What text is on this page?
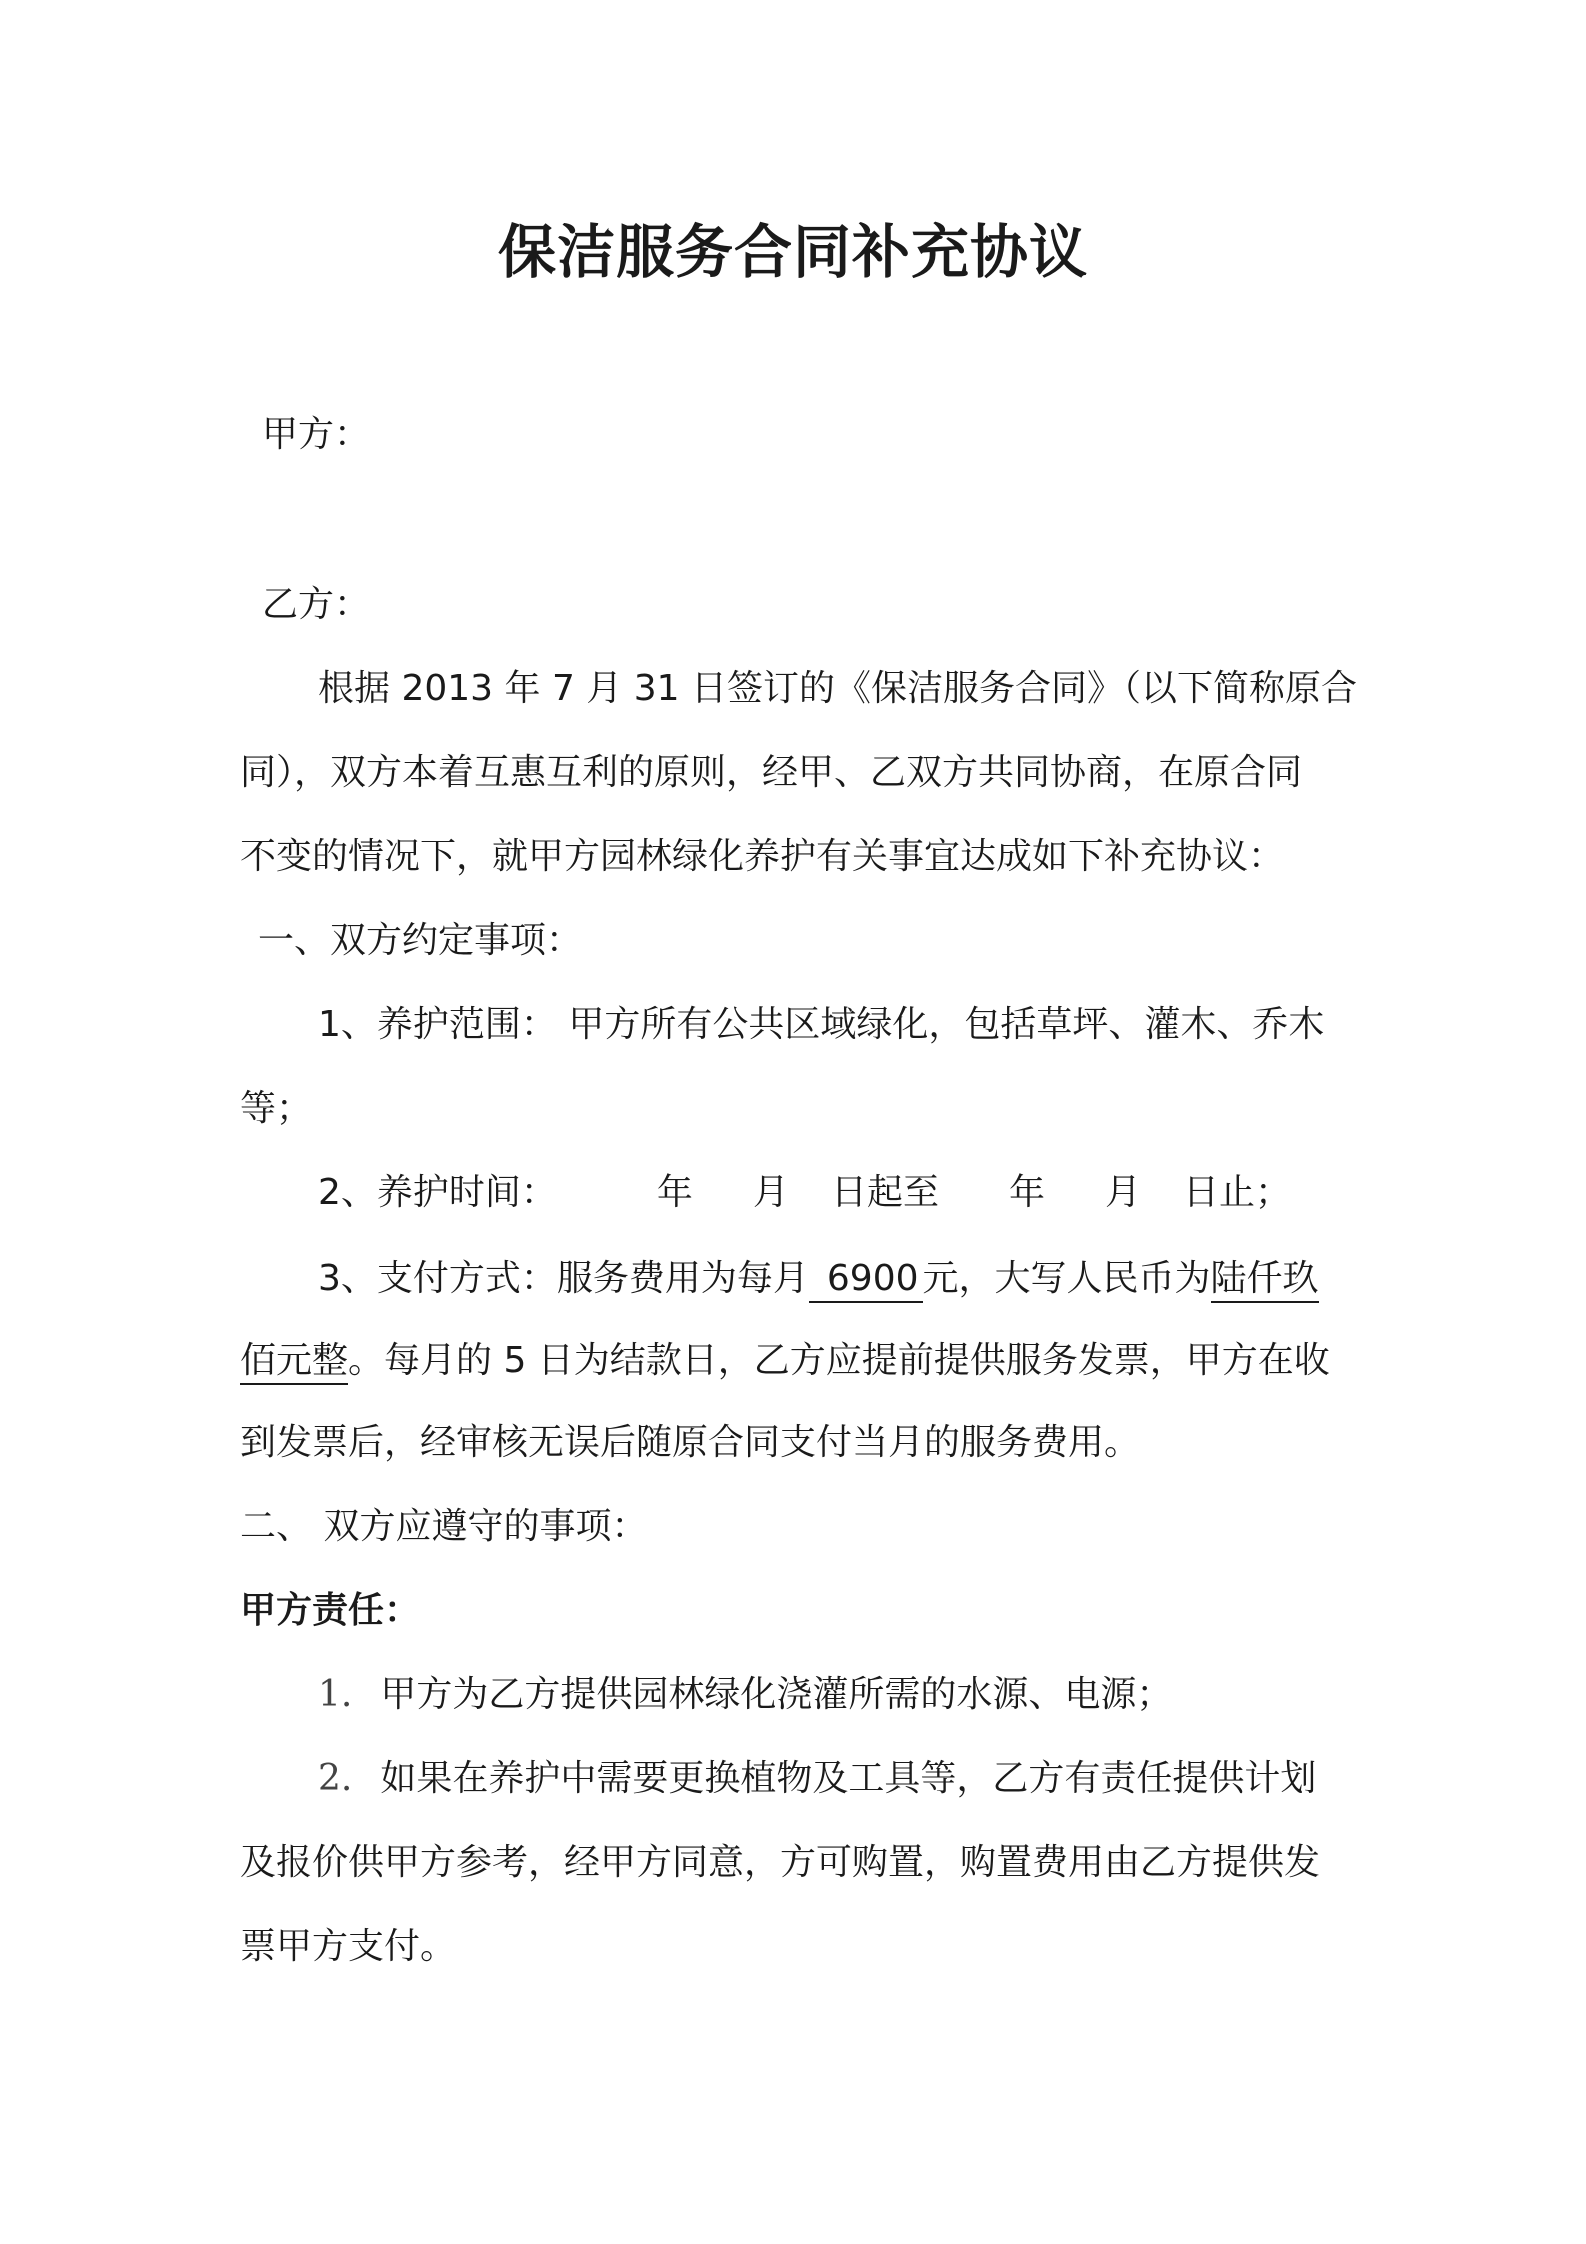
保洁服务合同补充协议
甲方：
乙方：
根据 2013 年 7 月 31 日签订的《保洁服务合同》（以下简称原合
同），双方本着互惠互利的原则，经甲、乙双方共同协商，在原合同
不变的情况下，就甲方园林绿化养护有关事宜达成如下补充协议：
一、双方约定事项：
1、养护范围： 甲方所有公共区域绿化，包括草坪、灌木、乔木
等；
2、养护时间：	年 月 日起至 年 月 日止；
3、支付方式：服务费用为每月 6900 元，大写人民币为陆仟玖
佰元整。每月的 5 日为结款日，乙方应提前提供服务发票，甲方在收
到发票后，经审核无误后随原合同支付当月的服务费用。
二、 双方应遵守的事项：
甲方责任：
1. 甲方为乙方提供园林绿化浇灌所需的水源、电源；
2. 如果在养护中需要更换植物及工具等，乙方有责任提供计划
及报价供甲方参考，经甲方同意，方可购置，购置费用由乙方提供发
票甲方支付。
